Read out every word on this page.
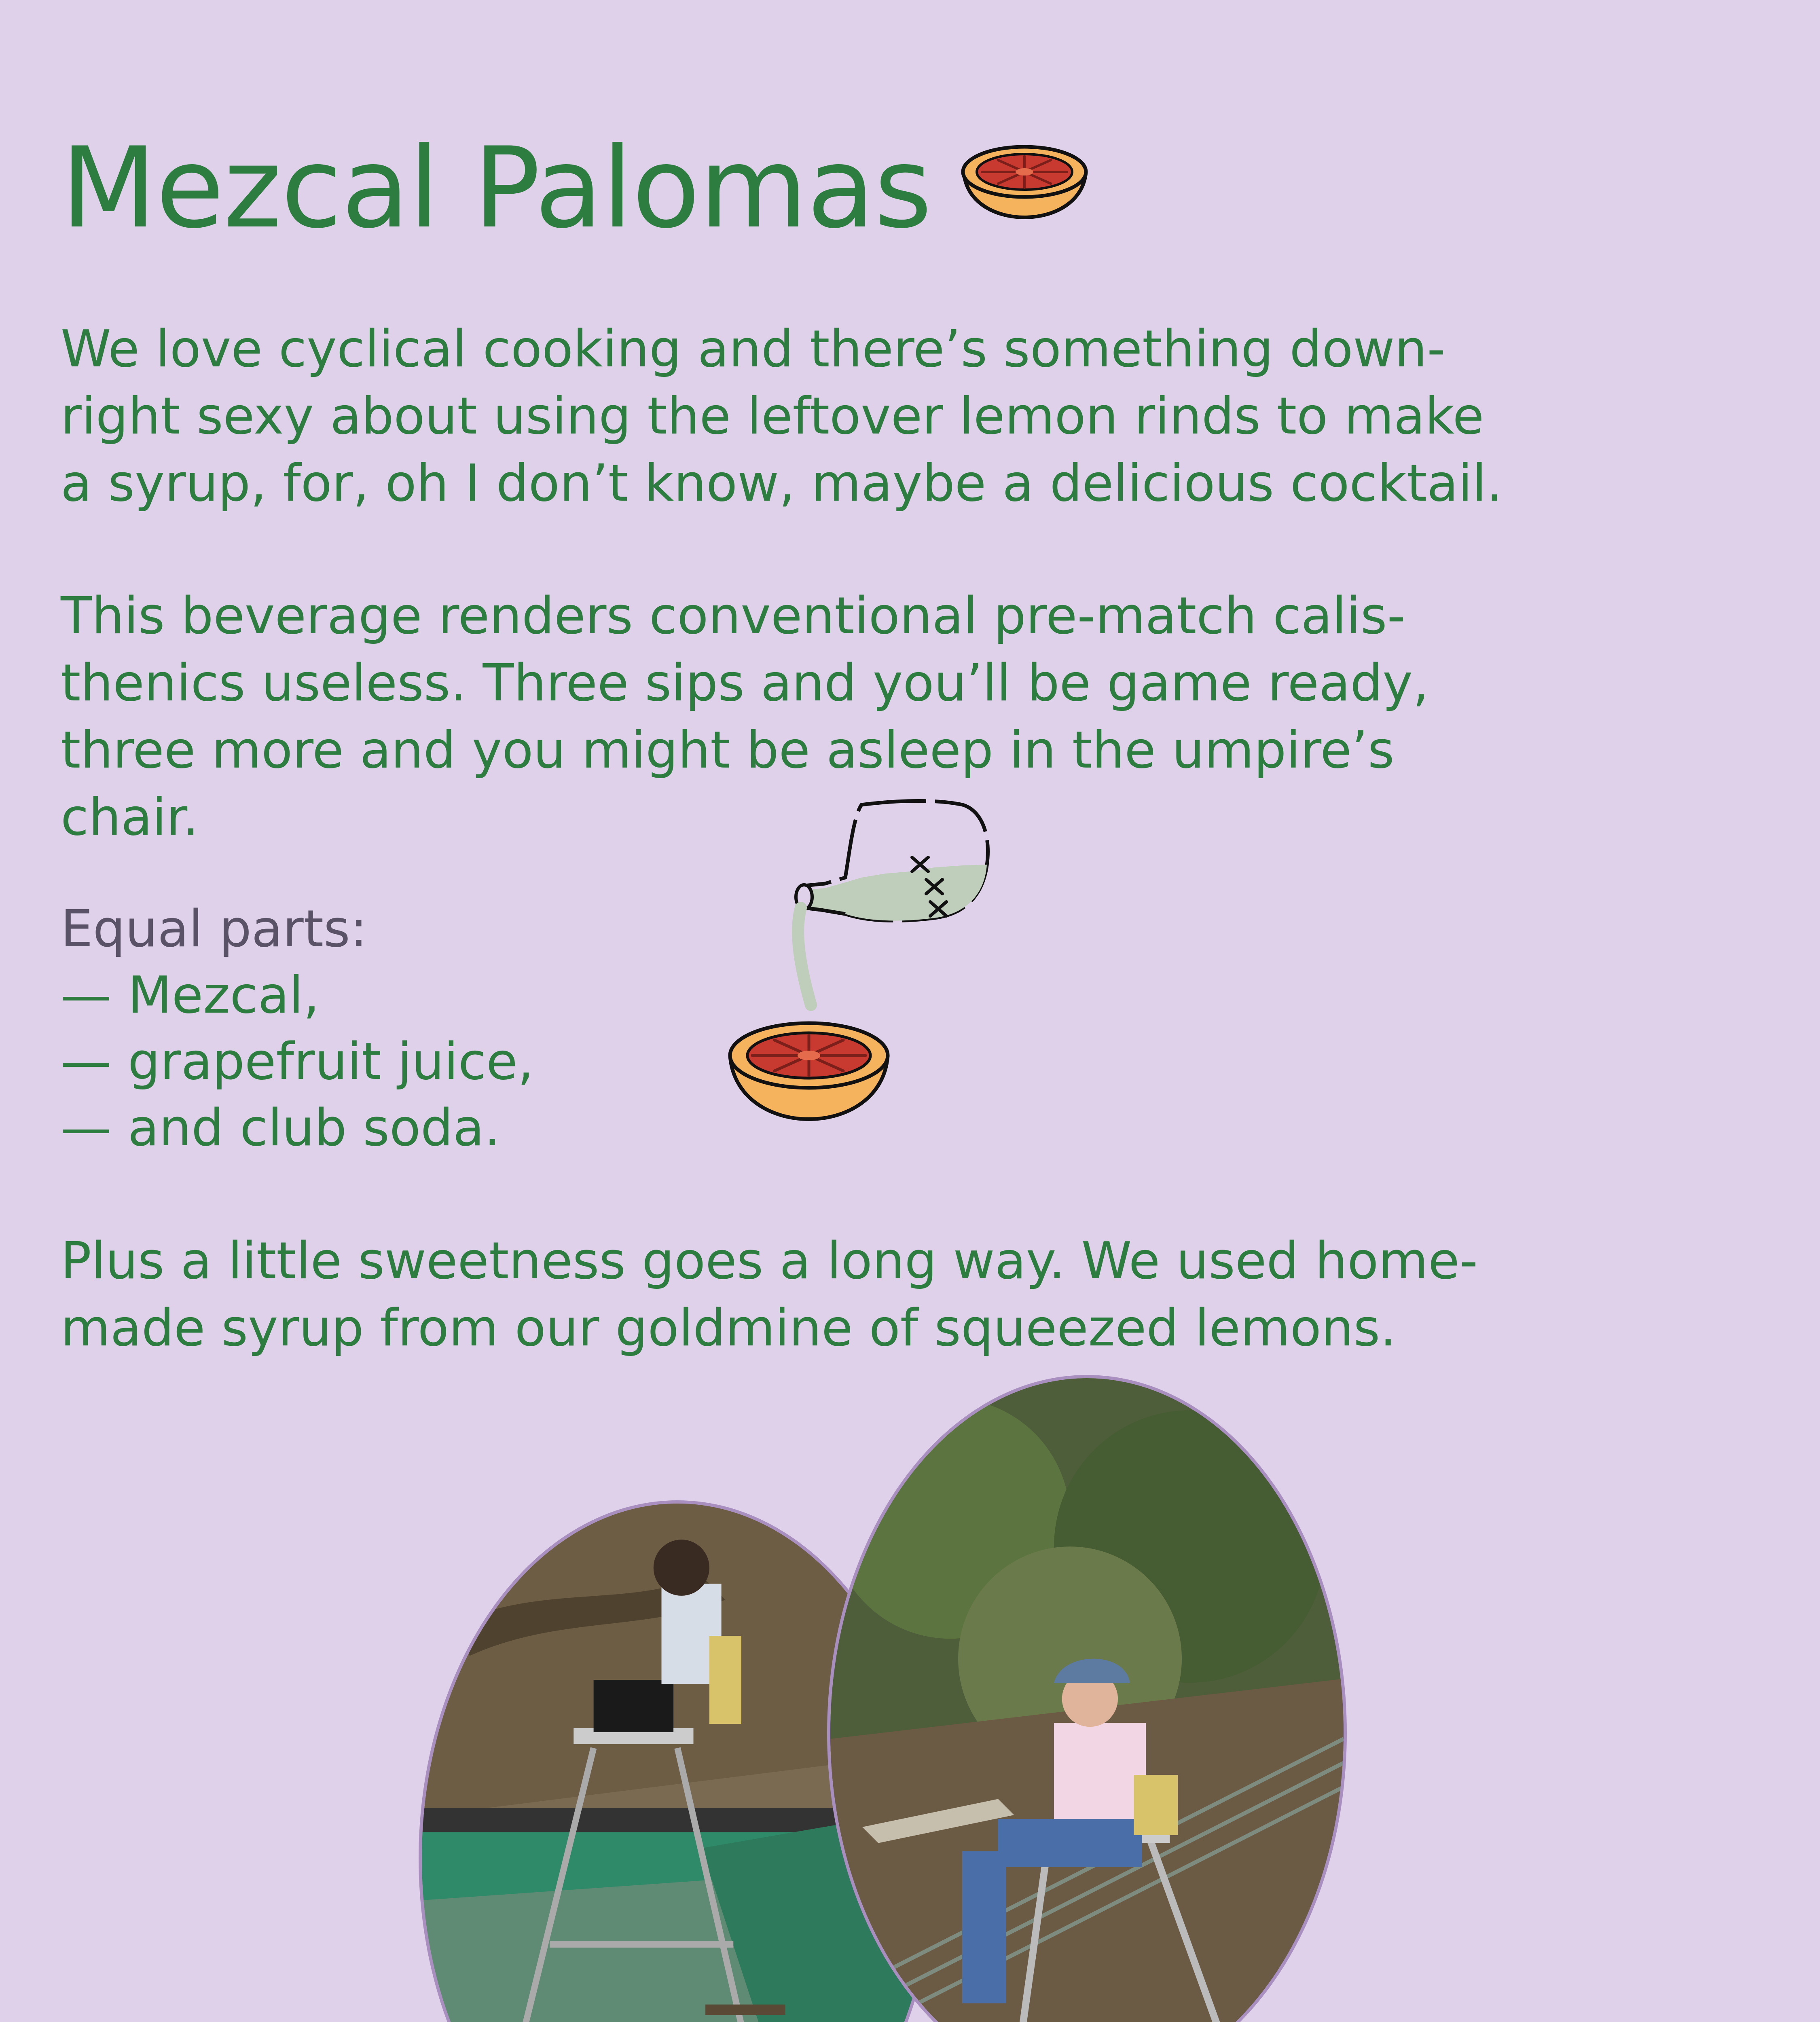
Mezcal Palomas

We love cyclical cooking and there’s something down-
right sexy about using the leftover lemon rinds to make
a syrup, for, oh I don’t know, maybe a delicious cocktail.

This beverage renders conventional pre-match calis-
thenics useless. Three sips and you’ll be game ready,
three more and you might be asleep in the umpire’s
chair.

Equal parts:
— Mezcal,
— grapefruit juice,
— and club soda.

Plus a little sweetness goes a long way. We used home-
made syrup from our goldmine of squeezed lemons.
